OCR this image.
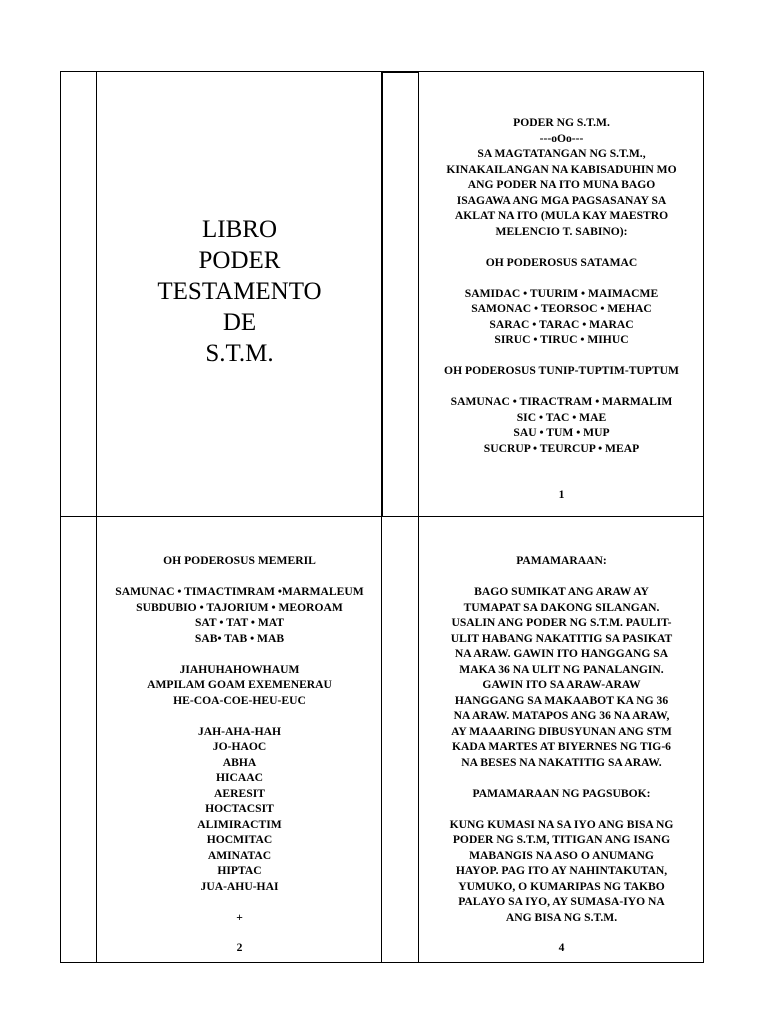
LIBRO
PODER
TESTAMENTO
DE
S.T.M.

PODER NG S.T.M.

---oOo---

SA MAGTATANGAN NG S.T.M.,

KINAKAILANGAN NA KABISADUHIN MO

ANG PODER NA ITO MUNA BAGO

ISAGAWA ANG MGA PAGSASANAY SA

AKLAT NA ITO (MULA KAY MAESTRO

MELENCIO T. SABINO):

OH PODEROSUS SATAMAC

SAMIDAC • TUURIM • MAIMACME

SAMONAC • TEORSOC • MEHAC

SARAC • TARAC • MARAC

SIRUC • TIRUC • MIHUC

OH PODEROSUS TUNIP-TUPTIM-TUPTUM

SAMUNAC • TIRACTRAM • MARMALIM

SIC • TAC • MAE

SAU • TUM • MUP

SUCRUP • TEURCUP • MEAP

1

OH PODEROSUS MEMERIL

SAMUNAC • TIMACTIMRAM •MARMALEUM

SUBDUBIO • TAJORIUM • MEOROAM

SAT • TAT • MAT

SAB• TAB • MAB

JIAHUHAHOWHAUM

AMPILAM GOAM EXEMENERAU

HE-COA-COE-HEU-EUC

JAH-AHA-HAH

JO-HAOC

ABHA

HICAAC

AERESIT

HOCTACSIT

ALIMIRACTIM

HOCMITAC

AMINATAC

HIPTAC

JUA-AHU-HAI

+

2

PAMAMARAAN:

BAGO SUMIKAT ANG ARAW AY

TUMAPAT SA DAKONG SILANGAN.

USALIN ANG PODER NG S.T.M. PAULIT-

ULIT HABANG NAKATITIG SA PASIKAT

NA ARAW. GAWIN ITO HANGGANG SA

MAKA 36 NA ULIT NG PANALANGIN.

GAWIN ITO SA ARAW-ARAW

HANGGANG SA MAKAABOT KA NG 36

NA ARAW. MATAPOS ANG 36 NA ARAW,

AY MAAARING DIBUSYUNAN ANG STM

KADA MARTES AT BIYERNES NG TIG-6

NA BESES NA NAKATITIG SA ARAW.

PAMAMARAAN NG PAGSUBOK:

KUNG KUMASI NA SA IYO ANG BISA NG

PODER NG S.T.M, TITIGAN ANG ISANG

MABANGIS NA ASO O ANUMANG

HAYOP. PAG ITO AY NAHINTAKUTAN,

YUMUKO, O KUMARIPAS NG TAKBO

PALAYO SA IYO, AY SUMASA-IYO NA

ANG BISA NG S.T.M.

4
